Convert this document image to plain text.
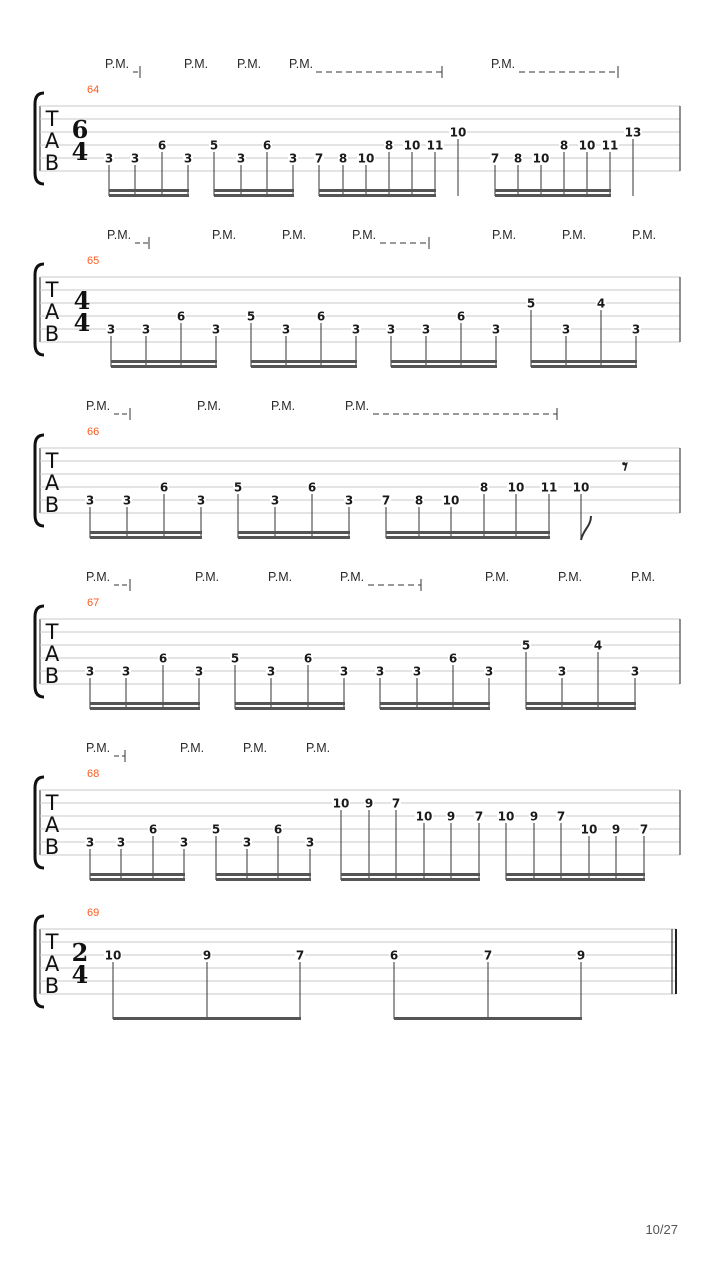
T
A
B
64
6
4
P.M.	P.M. P.M. P.M.	P.M.
3 3
6
3
5
3
6
3 7 8 10
8 10 11
10
7 8 10
8 10 11
13
T
A
B
65
4
4
P.M.	P.M.	P.M.	P.M.	P.M.	P.M.	P.M.
3 3
6
3
5
3
6
3 3 3
6
3
5
3
4
3
T
A
B
66
P.M.	P.M.	P.M.	P.M.
3 3
6
3
5
3
6
3 7 8 10
8 10 11 10
𝄾
T
A
B
67
P.M.	P.M.	P.M.	P.M.	P.M.	P.M.	P.M.
3 3
6
3
5
3
6
3 3 3
6
3
5
3
4
3
T
A
B
68
P.M.	P.M.	P.M.	P.M.
3 3
6
3
5
3
6
3
10 9 7
10 9 7 10 9 7
10 9 7
T
A
B
69
2
4
10	9	7	6	7	9
10/27
